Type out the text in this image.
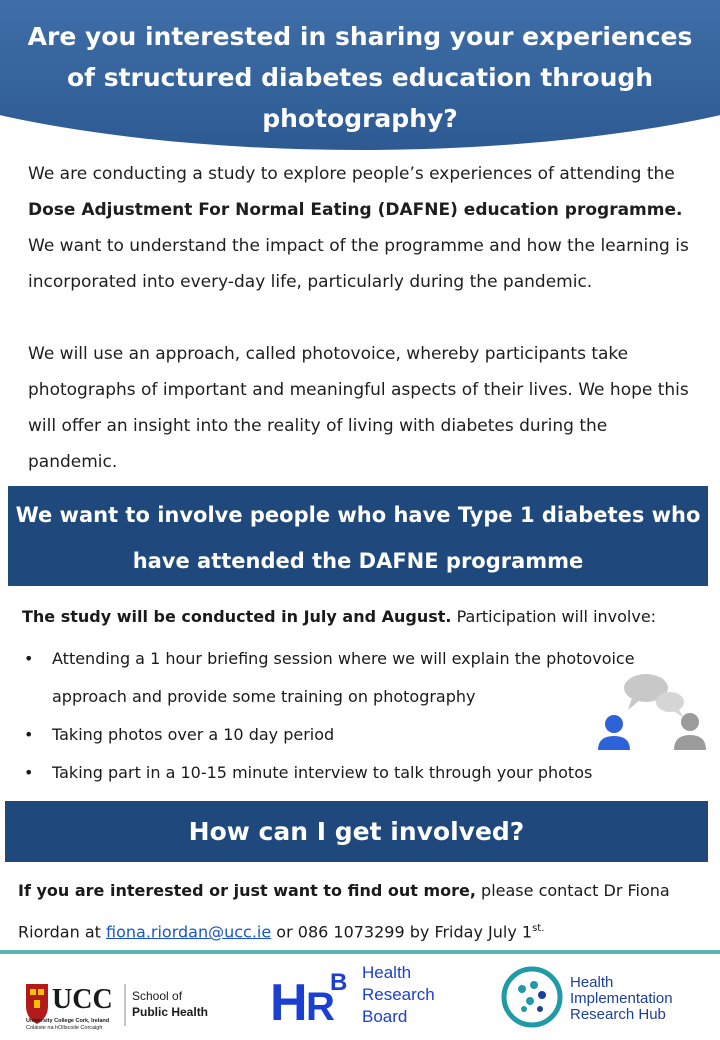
Are you interested in sharing your experiences of structured diabetes education through photography?

We are conducting a study to explore people’s experiences of attending the Dose Adjustment For Normal Eating (DAFNE) education programme. We want to understand the impact of the programme and how the learning is incorporated into every-day life, particularly during the pandemic.

We will use an approach, called photovoice, whereby participants take photographs of important and meaningful aspects of their lives. We hope this will offer an insight into the reality of living with diabetes during the pandemic.

We want to involve people who have Type 1 diabetes who
have attended the DAFNE programme

The study will be conducted in July and August. Participation will involve:

• Attending a 1 hour briefing session where we will explain the photovoice approach and provide some training on photography
• Taking photos over a 10 day period
• Taking part in a 10-15 minute interview to talk through your photos
How can I get involved?

If you are interested or just want to find out more, please contact Dr Fiona Riordan at fiona.riordan@ucc.ie or 086 1073299 by Friday July $1^{st.}$

UCC
University College Cork, Ireland
Coláiste na hOllscoile Corcaigh
School of
Public Health H
R
B Health
Research
Board
Health
Implementation
Research Hub
